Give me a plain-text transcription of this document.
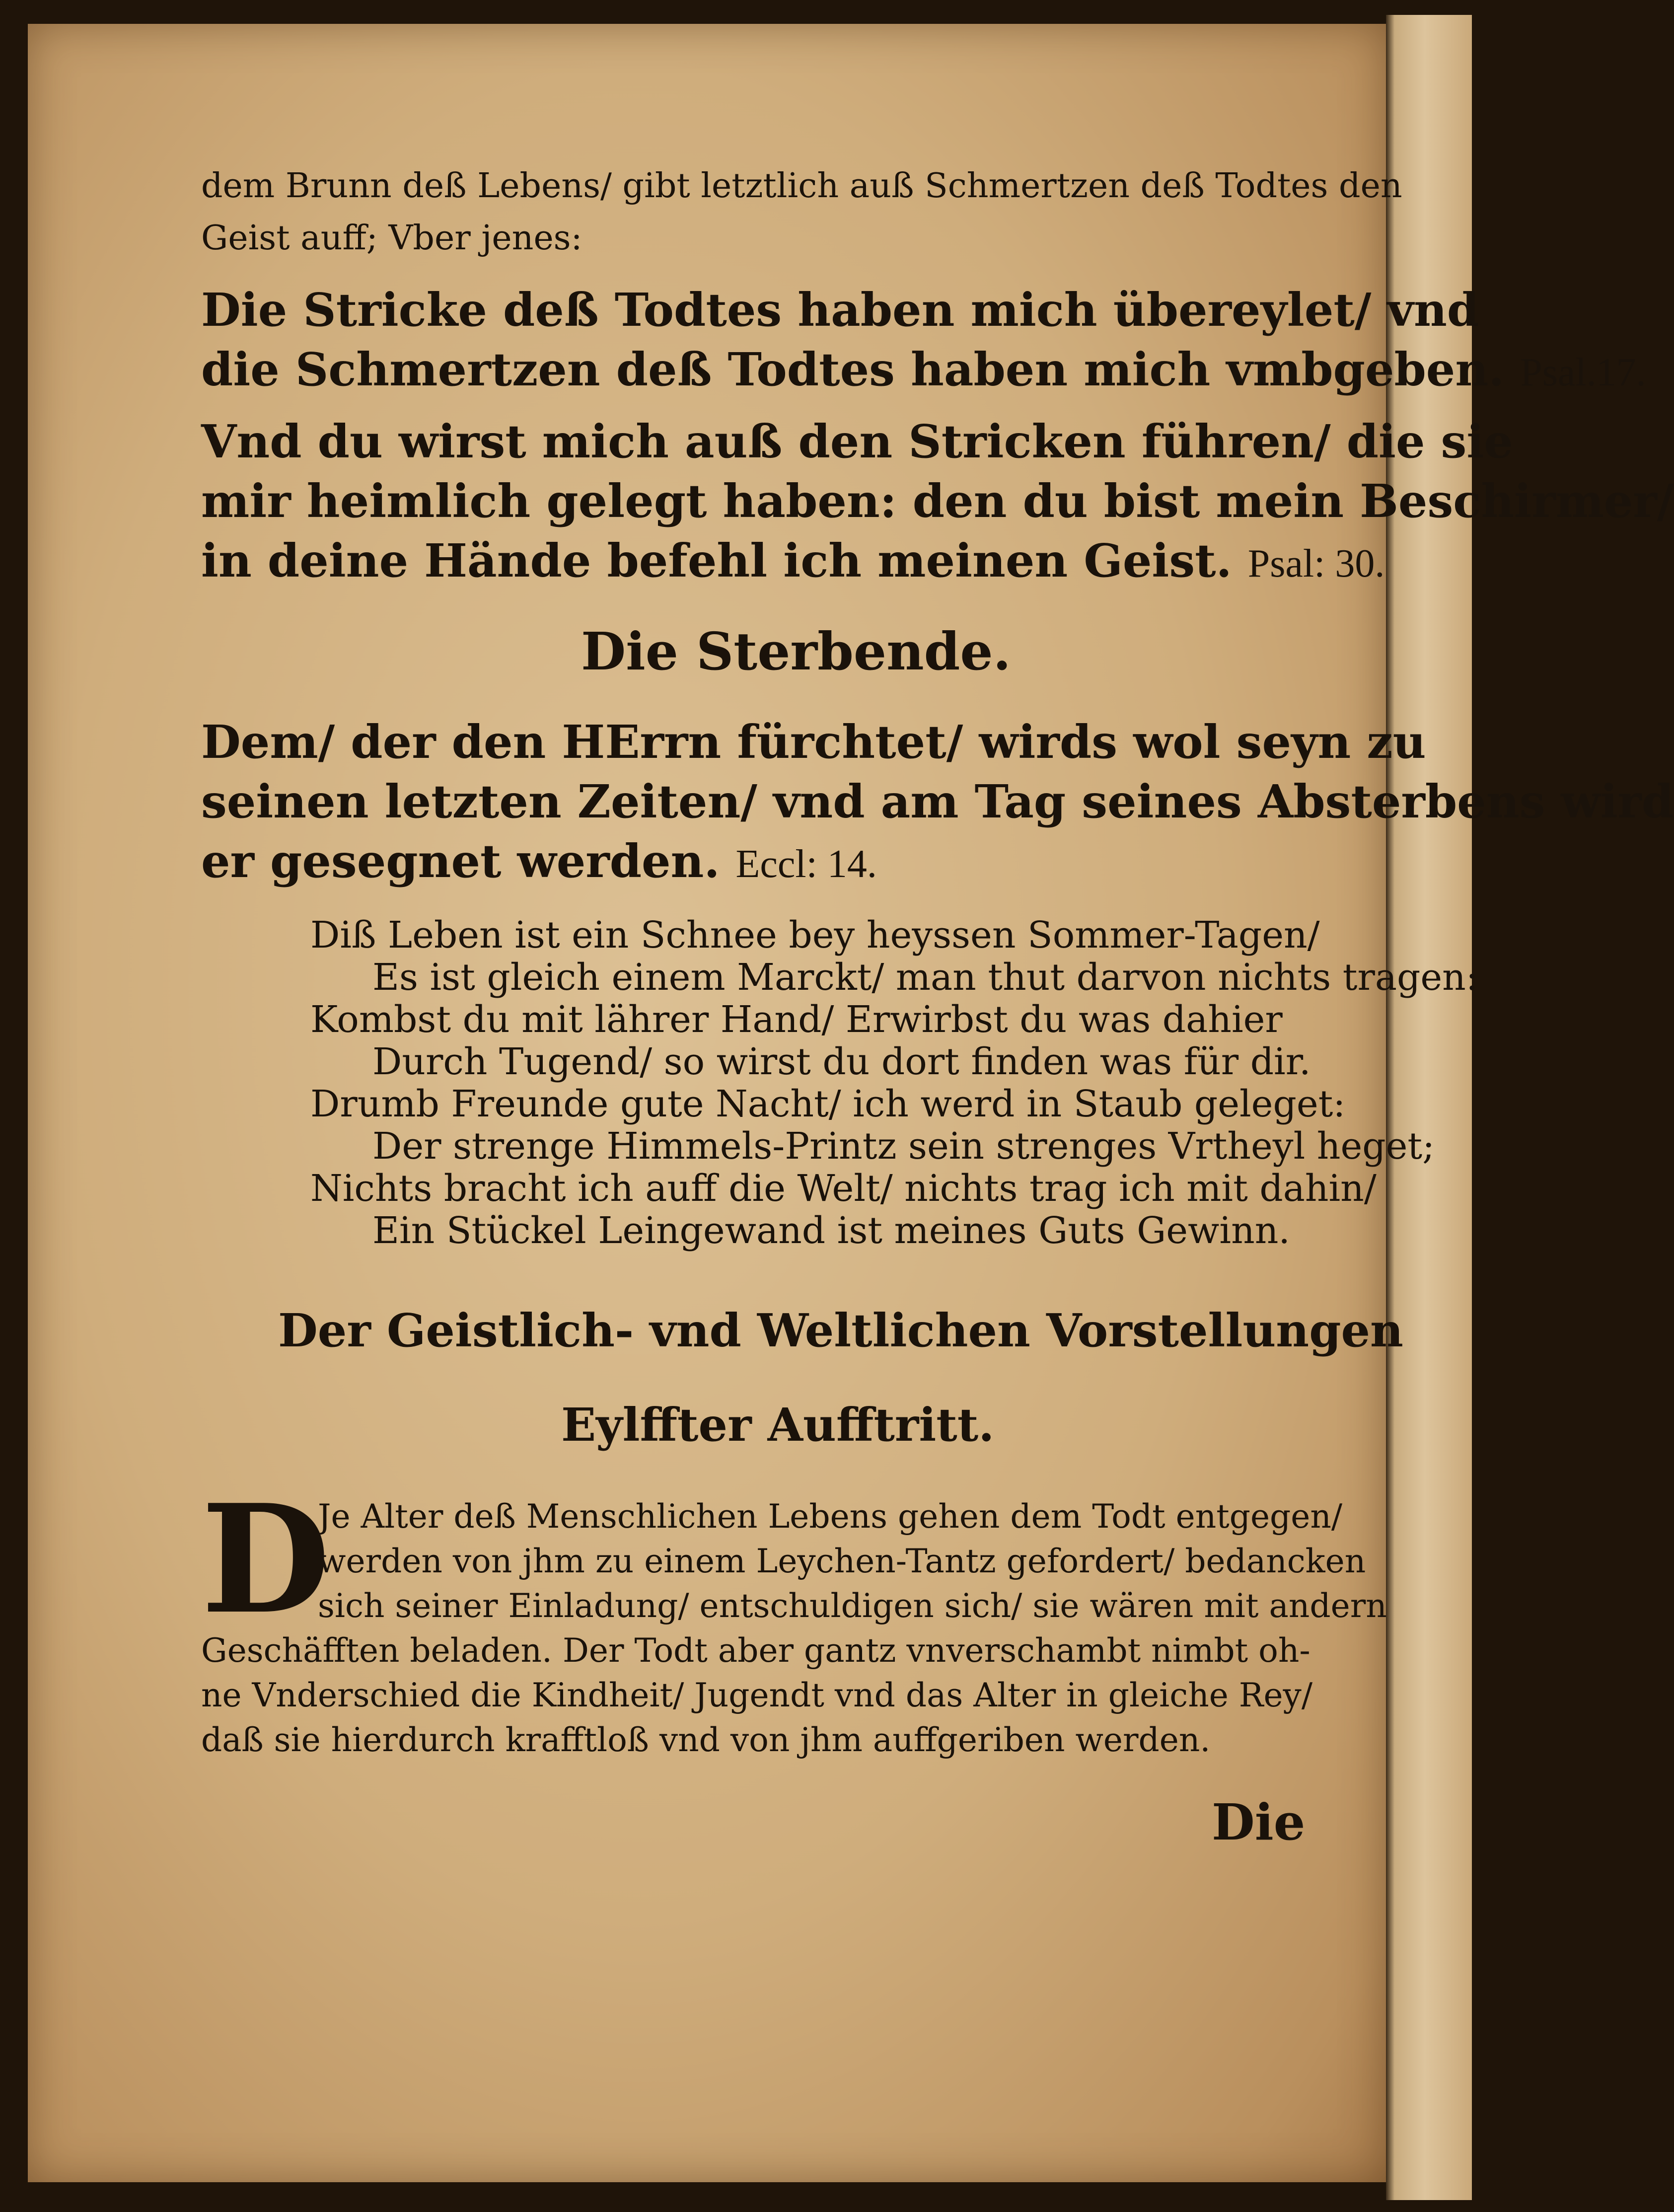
dem Brunn deß Lebens/ gibt letztlich auß Schmertzen deß Todtes den
Geist auff; Vber jenes:
Die Stricke deß Todtes haben mich übereylet/ vnd
die Schmertzen deß Todtes haben mich vmbgeben. Psal.17.
Vnd du wirst mich auß den Stricken führen/ die sie
mir heimlich gelegt haben: den du bist mein Beschirmer/
in deine Hände befehl ich meinen Geist. Psal: 30.
Die Sterbende.
Dem/ der den HErrn fürchtet/ wirds wol seyn zu
seinen letzten Zeiten/ vnd am Tag seines Absterbens wird
er gesegnet werden. Eccl: 14.
Diß Leben ist ein Schnee bey heyssen Sommer-Tagen/
Es ist gleich einem Marckt/ man thut darvon nichts tragen:
Kombst du mit lährer Hand/ Erwirbst du was dahier
Durch Tugend/ so wirst du dort finden was für dir.
Drumb Freunde gute Nacht/ ich werd in Staub geleget:
Der strenge Himmels-Printz sein strenges Vrtheyl heget;
Nichts bracht ich auff die Welt/ nichts trag ich mit dahin/
Ein Stückel Leingewand ist meines Guts Gewinn.
Der Geistlich- vnd Weltlichen Vorstellungen
Eylffter Aufftritt.
D
Je Alter deß Menschlichen Lebens gehen dem Todt entgegen/
werden von jhm zu einem Leychen-Tantz gefordert/ bedancken
sich seiner Einladung/ entschuldigen sich/ sie wären mit andern
Geschäfften beladen. Der Todt aber gantz vnverschambt nimbt oh-
ne Vnderschied die Kindheit/ Jugendt vnd das Alter in gleiche Rey/
daß sie hierdurch krafftloß vnd von jhm auffgeriben werden.
Die
